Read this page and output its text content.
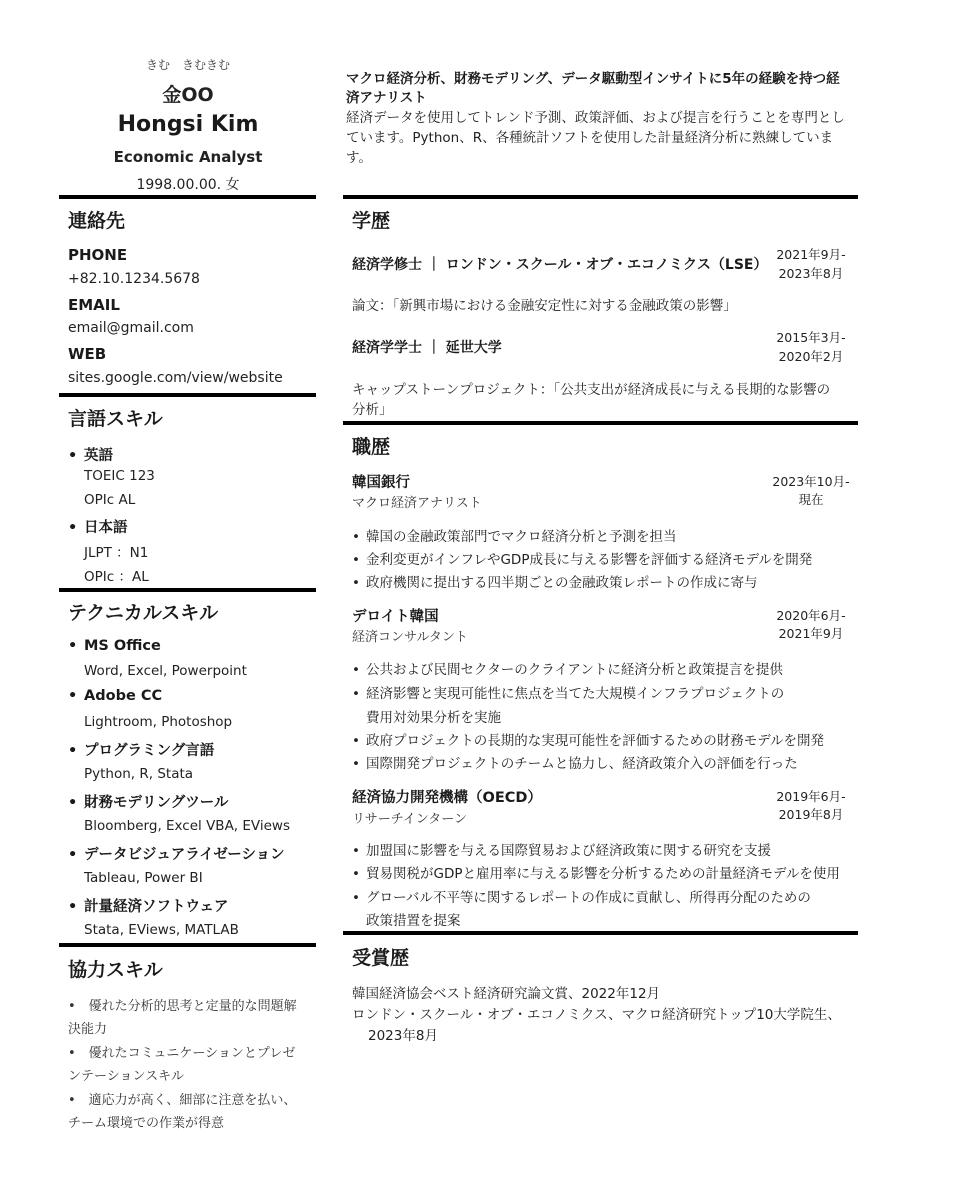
きむ　きむきむ
金OO
Hongsi Kim
Economic Analyst
1998.00.00. 女
連絡先
PHONE
+82.10.1234.5678
EMAIL
email@gmail.com
WEB
sites.google.com/view/website
言語スキル
• 英語
TOEIC 123
OPIc AL
• 日本語
JLPT ：N1
OPIc ：AL
テクニカルスキル
• MS Office
Word, Excel, Powerpoint
• Adobe CC
Lightroom, Photoshop
• プログラミング言語
Python, R, Stata
• 財務モデリングツール
Bloomberg, Excel VBA, EViews
• データビジュアライゼーション
Tableau, Power BI
• 計量経済ソフトウェア
Stata, EViews, MATLAB
協力スキル
•　優れた分析的思考と定量的な問題解
決能力
•　優れたコミュニケーションとプレゼ
ンテーションスキル
•　適応力が高く、細部に注意を払い、
チーム環境での作業が得意
マクロ経済分析、財務モデリング、データ駆動型インサイトに5年の経験を持つ経
済アナリスト
経済データを使用してトレンド予測、政策評価、および提言を行うことを専門とし
ています。Python、R、各種統計ソフトを使用した計量経済分析に熟練していま
す。
学歴
経済学修士 ｜ ロンドン・スクール・オブ・エコノミクス（LSE）
2021年9月-
2023年8月
論文：「新興市場における金融安定性に対する金融政策の影響」
経済学学士 ｜ 延世大学
2015年3月-
2020年2月
キャップストーンプロジェクト：「公共支出が経済成長に与える長期的な影響の
分析」
職歴
韓国銀行
マクロ経済アナリスト
2023年10月-
現在
• 韓国の金融政策部門でマクロ経済分析と予測を担当
• 金利変更がインフレやGDP成長に与える影響を評価する経済モデルを開発
• 政府機関に提出する四半期ごとの金融政策レポートの作成に寄与
デロイト韓国
経済コンサルタント
2020年6月-
2021年9月
• 公共および民間セクターのクライアントに経済分析と政策提言を提供
• 経済影響と実現可能性に焦点を当てた大規模インフラプロジェクトの
費用対効果分析を実施
• 政府プロジェクトの長期的な実現可能性を評価するための財務モデルを開発
• 国際開発プロジェクトのチームと協力し、経済政策介入の評価を行った
経済協力開発機構（OECD）
リサーチインターン
2019年6月-
2019年8月
• 加盟国に影響を与える国際貿易および経済政策に関する研究を支援
• 貿易関税がGDPと雇用率に与える影響を分析するための計量経済モデルを使用
• グローバル不平等に関するレポートの作成に貢献し、所得再分配のための
政策措置を提案
受賞歴
韓国経済協会ベスト経済研究論文賞、2022年12月
ロンドン・スクール・オブ・エコノミクス、マクロ経済研究トップ10大学院生、
2023年8月
